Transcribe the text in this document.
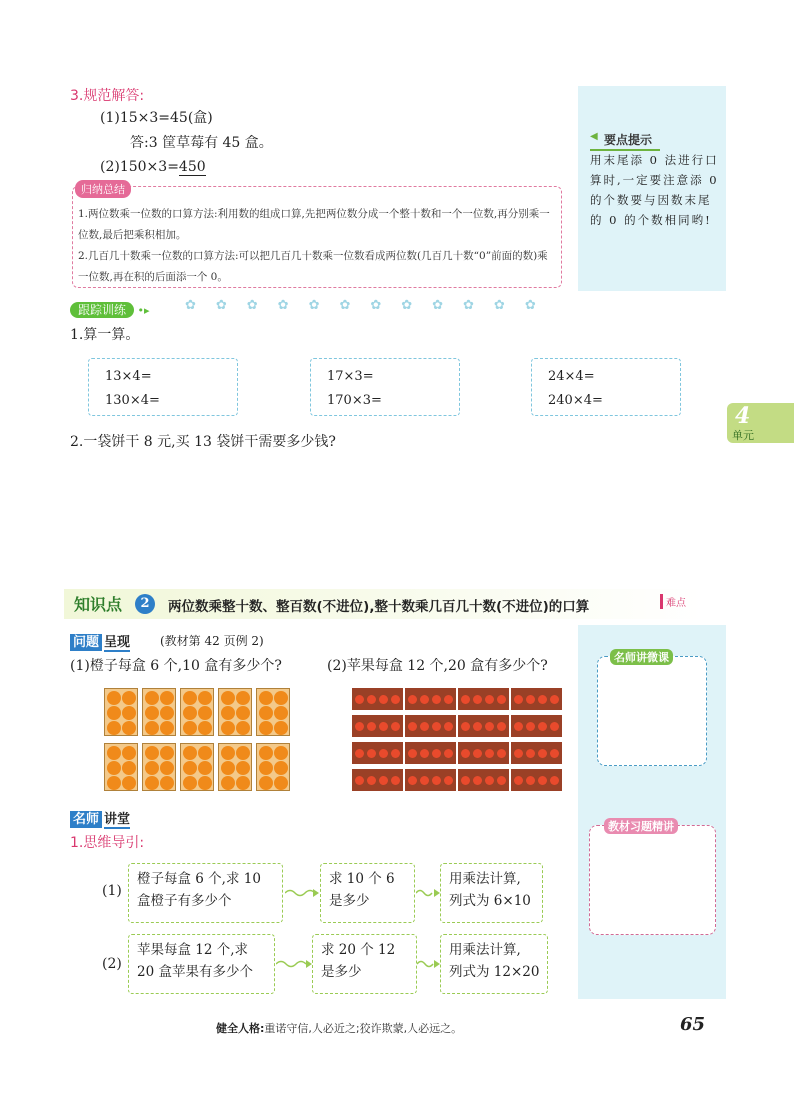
4
单元
◀ 要点提示
用末尾添 0 法进行口算时,一定要注意添 0 的个数要与因数末尾的 0 的个数相同哟!
3.规范解答:
(1)15×3=45(盒)
答:3 筐草莓有 45 盒。
(2)150×3=450
归纳总结
1.两位数乘一位数的口算方法:利用数的组成口算,先把两位数分成一个整十数和一个一位数,再分别乘一位数,最后把乘积相加。
2.几百几十数乘一位数的口算方法:可以把几百几十数乘一位数看成两位数(几百几十数“0”前面的数)乘一位数,再在积的后面添一个 0。
跟踪训练 •▸	✿✿✿✿✿✿✿✿✿✿✿✿
1.算一算。
13×4=
130×4=
17×3=
170×3=
24×4=
240×4=
2.一袋饼干 8 元,买 13 袋饼干需要多少钱?
知识点	2	两位数乘整十数、整百数(不进位),整十数乘几百几十数(不进位)的口算	难点
问题 呈现 (教材第 42 页例 2)
(1)橙子每盒 6 个,10 盒有多少个?	(2)苹果每盒 12 个,20 盒有多少个?
名师讲微课
教材习题精讲
名师 讲堂
1.思维导引:
(1)
橙子每盒 6 个,求 10
盒橙子有多少个
求 10 个 6
是多少
用乘法计算,
列式为 6×10
(2)
苹果每盒 12 个,求
20 盒苹果有多少个
求 20 个 12
是多少
用乘法计算,
列式为 12×20
健全人格:重诺守信,人必近之;狡诈欺蒙,人必远之。	65
